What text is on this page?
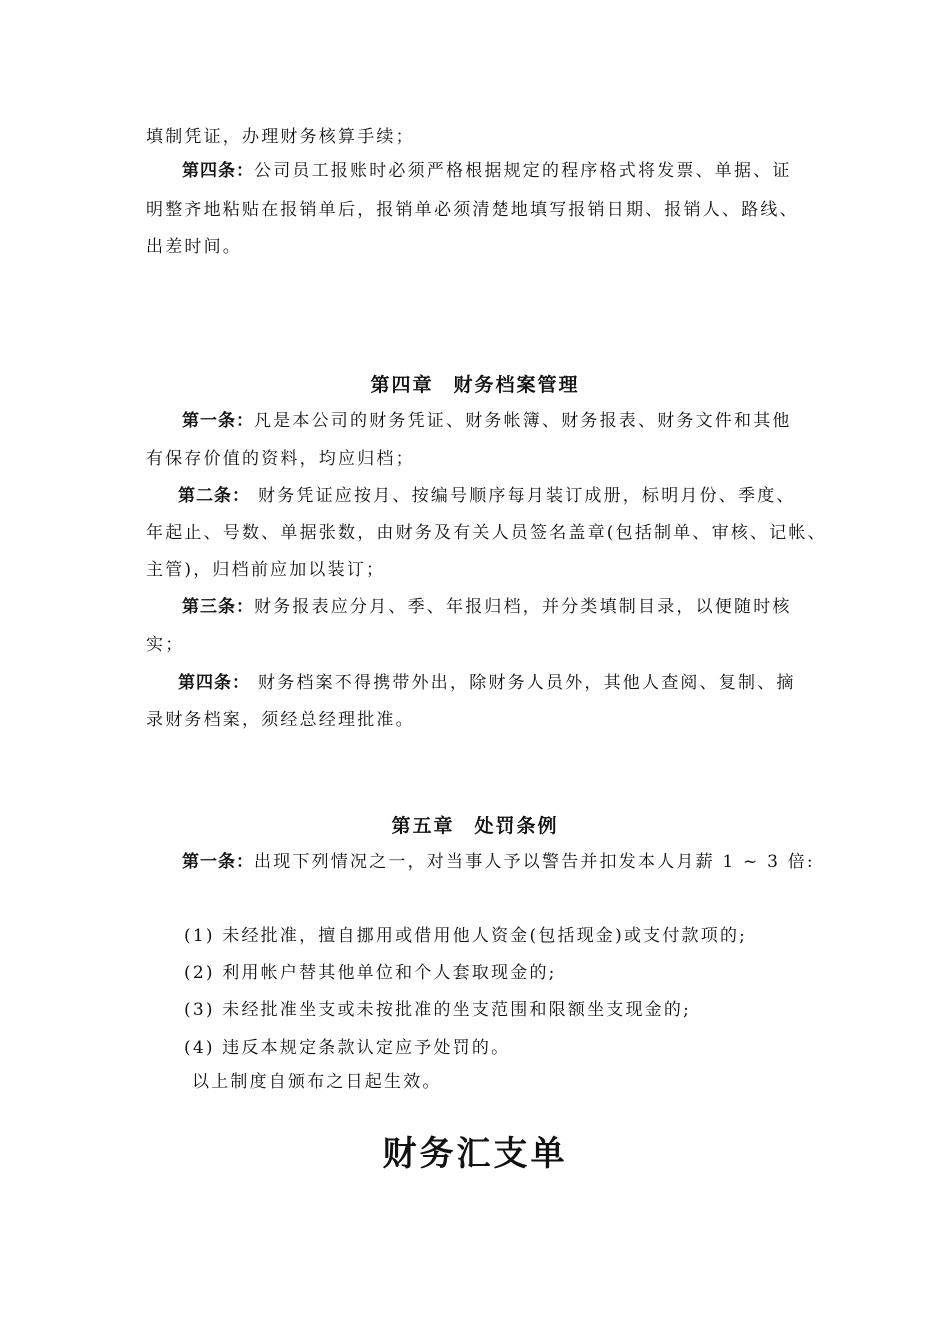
填制凭证，办理财务核算手续；
第四条：公司员工报账时必须严格根据规定的程序格式将发票、单据、证
明整齐地粘贴在报销单后，报销单必须清楚地填写报销日期、报销人、路线、
出差时间。
第四章 财务档案管理
第一条：凡是本公司的财务凭证、财务帐簿、财务报表、财务文件和其他
有保存价值的资料，均应归档；
第二条： 财务凭证应按月、按编号顺序每月装订成册，标明月份、季度、
年起止、号数、单据张数，由财务及有关人员签名盖章(包括制单、审核、记帐、
主管)，归档前应加以装订；
第三条：财务报表应分月、季、年报归档，并分类填制目录，以便随时核
实；
第四条： 财务档案不得携带外出，除财务人员外，其他人查阅、复制、摘
录财务档案，须经总经理批准。
第五章 处罚条例
第一条：出现下列情况之一，对当事人予以警告并扣发本人月薪 1 ~ 3 倍:
(1) 未经批准，擅自挪用或借用他人资金(包括现金)或支付款项的;
(2) 利用帐户替其他单位和个人套取现金的;
(3) 未经批准坐支或未按批准的坐支范围和限额坐支现金的;
(4) 违反本规定条款认定应予处罚的。
以上制度自颁布之日起生效。
财务汇支单
